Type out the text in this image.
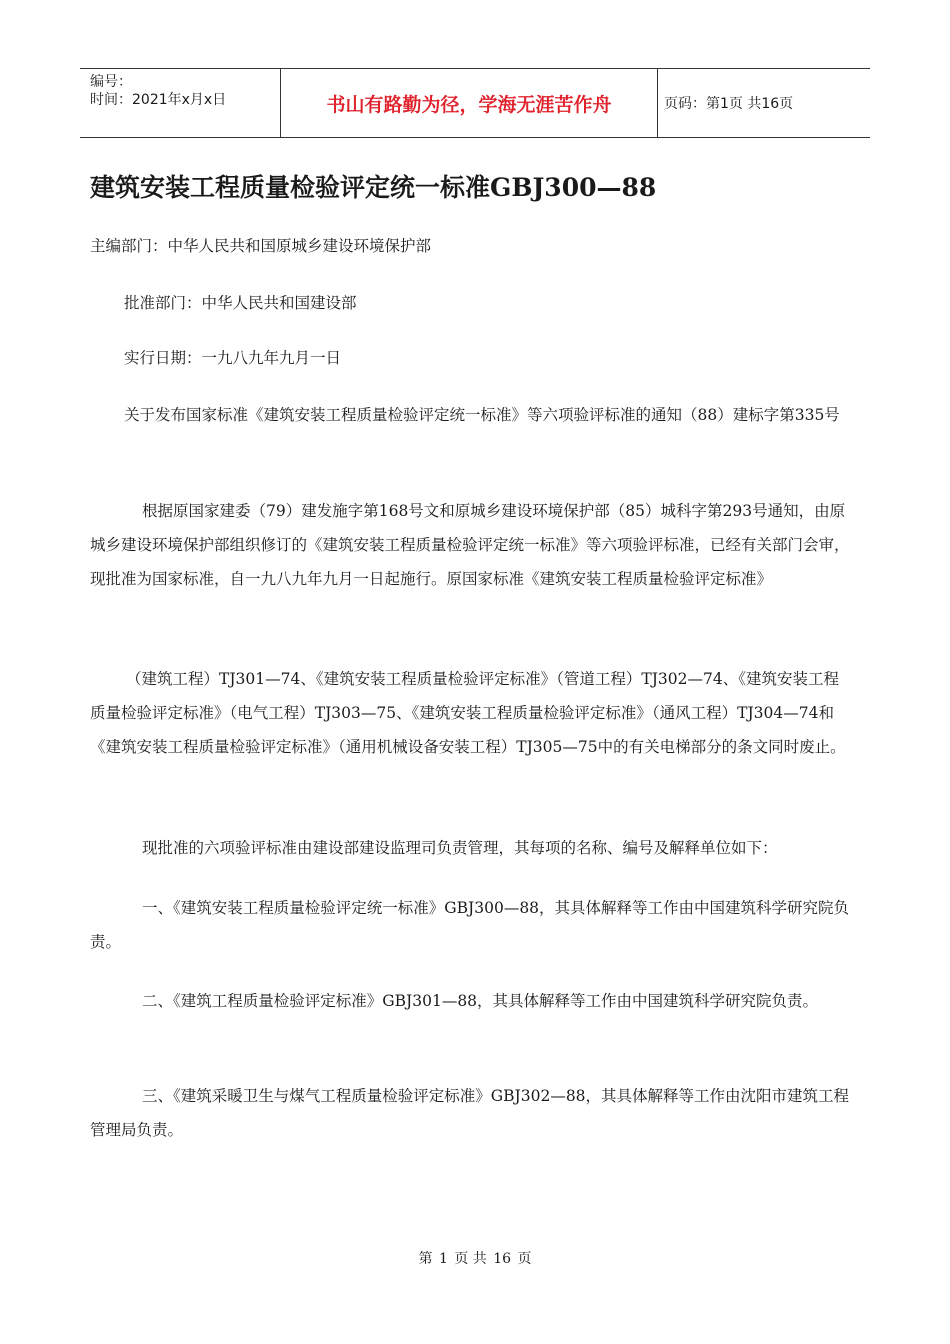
编号：
时间：2021年x月x日	书山有路勤为径，学海无涯苦作舟	页码：第1页 共16页
建筑安装工程质量检验评定统一标准GBJ300—88

主编部门：中华人民共和国原城乡建设环境保护部

批准部门：中华人民共和国建设部

实行日期：一九八九年九月一日

关于发布国家标准《建筑安装工程质量检验评定统一标准》等六项验评标准的通知（88）建标字第335号

根据原国家建委（79）建发施字第168号文和原城乡建设环境保护部（85）城科字第293号通知，由原城乡建设环境保护部组织修订的《建筑安装工程质量检验评定统一标准》等六项验评标准，已经有关部门会审，现批准为国家标准，自一九八九年九月一日起施行。原国家标准《建筑安装工程质量检验评定标准》

（建筑工程）TJ301—74、《建筑安装工程质量检验评定标准》（管道工程）TJ302—74、《建筑安装工程质量检验评定标准》（电气工程）TJ303—75、《建筑安装工程质量检验评定标准》（通风工程）TJ304—74和《建筑安装工程质量检验评定标准》（通用机械设备安装工程）TJ305—75中的有关电梯部分的条文同时废止。

现批准的六项验评标准由建设部建设监理司负责管理，其每项的名称、编号及解释单位如下：

一、《建筑安装工程质量检验评定统一标准》GBJ300—88，其具体解释等工作由中国建筑科学研究院负责。

二、《建筑工程质量检验评定标准》GBJ301—88，其具体解释等工作由中国建筑科学研究院负责。

三、《建筑采暖卫生与煤气工程质量检验评定标准》GBJ302—88，其具体解释等工作由沈阳市建筑工程管理局负责。

第 1 页 共 16 页
